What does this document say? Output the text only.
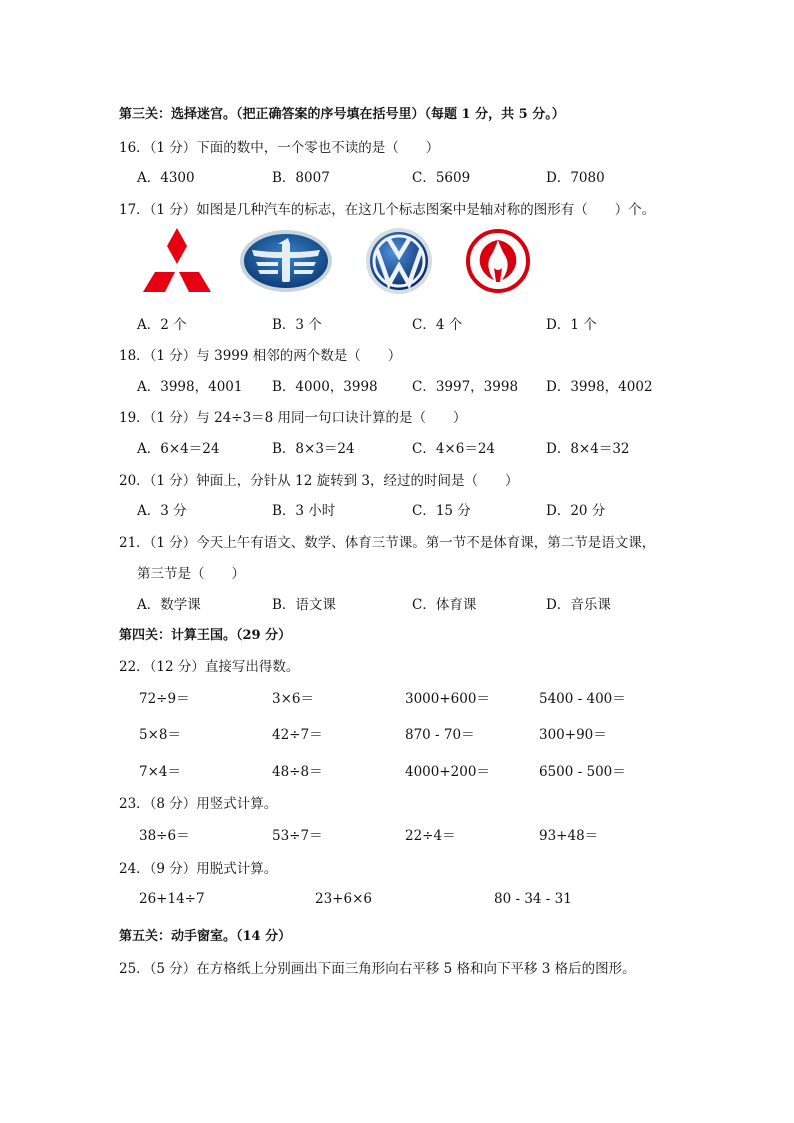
第三关：选择迷宫。（把正确答案的序号填在括号里）（每题 1 分，共 5 分。）
16．（1 分）下面的数中，一个零也不读的是（　　）
A．4300	B．8007	C．5609	D．7080
17．（1 分）如图是几种汽车的标志，在这几个标志图案中是轴对称的图形有（　　）个。
A．2 个	B．3 个	C．4 个	D．1 个
18．（1 分）与 3999 相邻的两个数是（　　）
A．3998，4001 B．4000，3998	C．3997，3998 D．3998，4002
19．（1 分）与 24÷3＝8 用同一句口诀计算的是（　　）
A．6×4＝24	B．8×3＝24	C．4×6＝24	D．8×4＝32
20．（1 分）钟面上，分针从 12 旋转到 3，经过的时间是（　　）
A．3 分	B．3 小时	C．15 分	D．20 分
21．（1 分）今天上午有语文、数学、体育三节课。第一节不是体育课，第二节是语文课，
第三节是（　　）
A．数学课	B．语文课	C．体育课	D．音乐课
第四关：计算王国。（29 分）
22．（12 分）直接写出得数。
72÷9＝	3×6＝	3000+600＝	5400 - 400＝
5×8＝	42÷7＝	870 - 70＝	300+90＝
7×4＝	48÷8＝	4000+200＝	6500 - 500＝
23．（8 分）用竖式计算。
38÷6＝	53÷7＝	22÷4＝	93+48＝
24．（9 分）用脱式计算。
26+14÷7	23+6×6	80 - 34 - 31
第五关：动手窗室。（14 分）
25．（5 分）在方格纸上分别画出下面三角形向右平移 5 格和向下平移 3 格后的图形。
